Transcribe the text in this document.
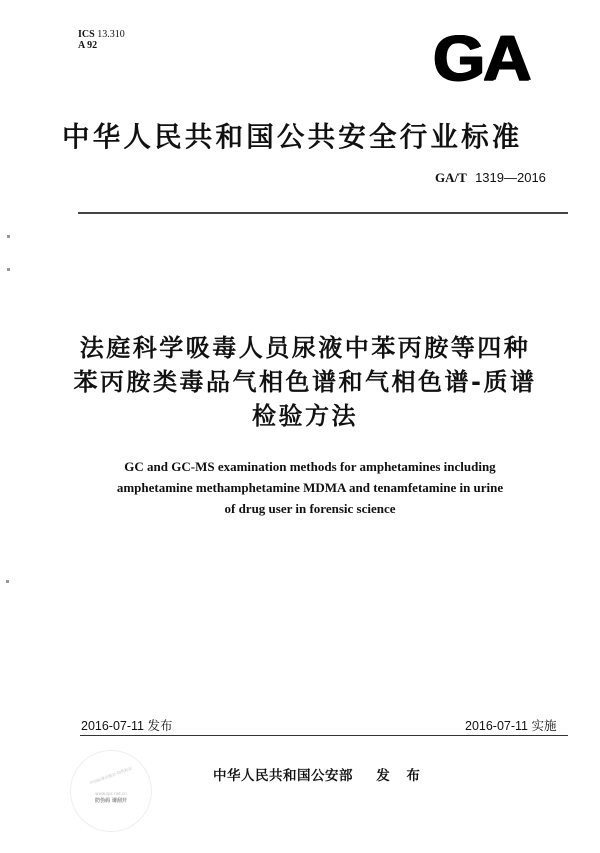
ICS 13.310
A 92	GA
中华人民共和国公共安全行业标准
GA/T 1319—2016
法庭科学吸毒人员尿液中苯丙胺等四种
苯丙胺类毒品气相色谱和气相色谱-质谱
检验方法
GC and GC-MS examination methods for amphetamines including
amphetamine methamphetamine MDMA and tenamfetamine in urine
of drug user in forensic science
2016-07-11 发布	2016-07-11 实施
中国标准出版社·防伪标识
www.spc.net.cn
防伪码 请刮开
中华人民共和国公安部 发 布
